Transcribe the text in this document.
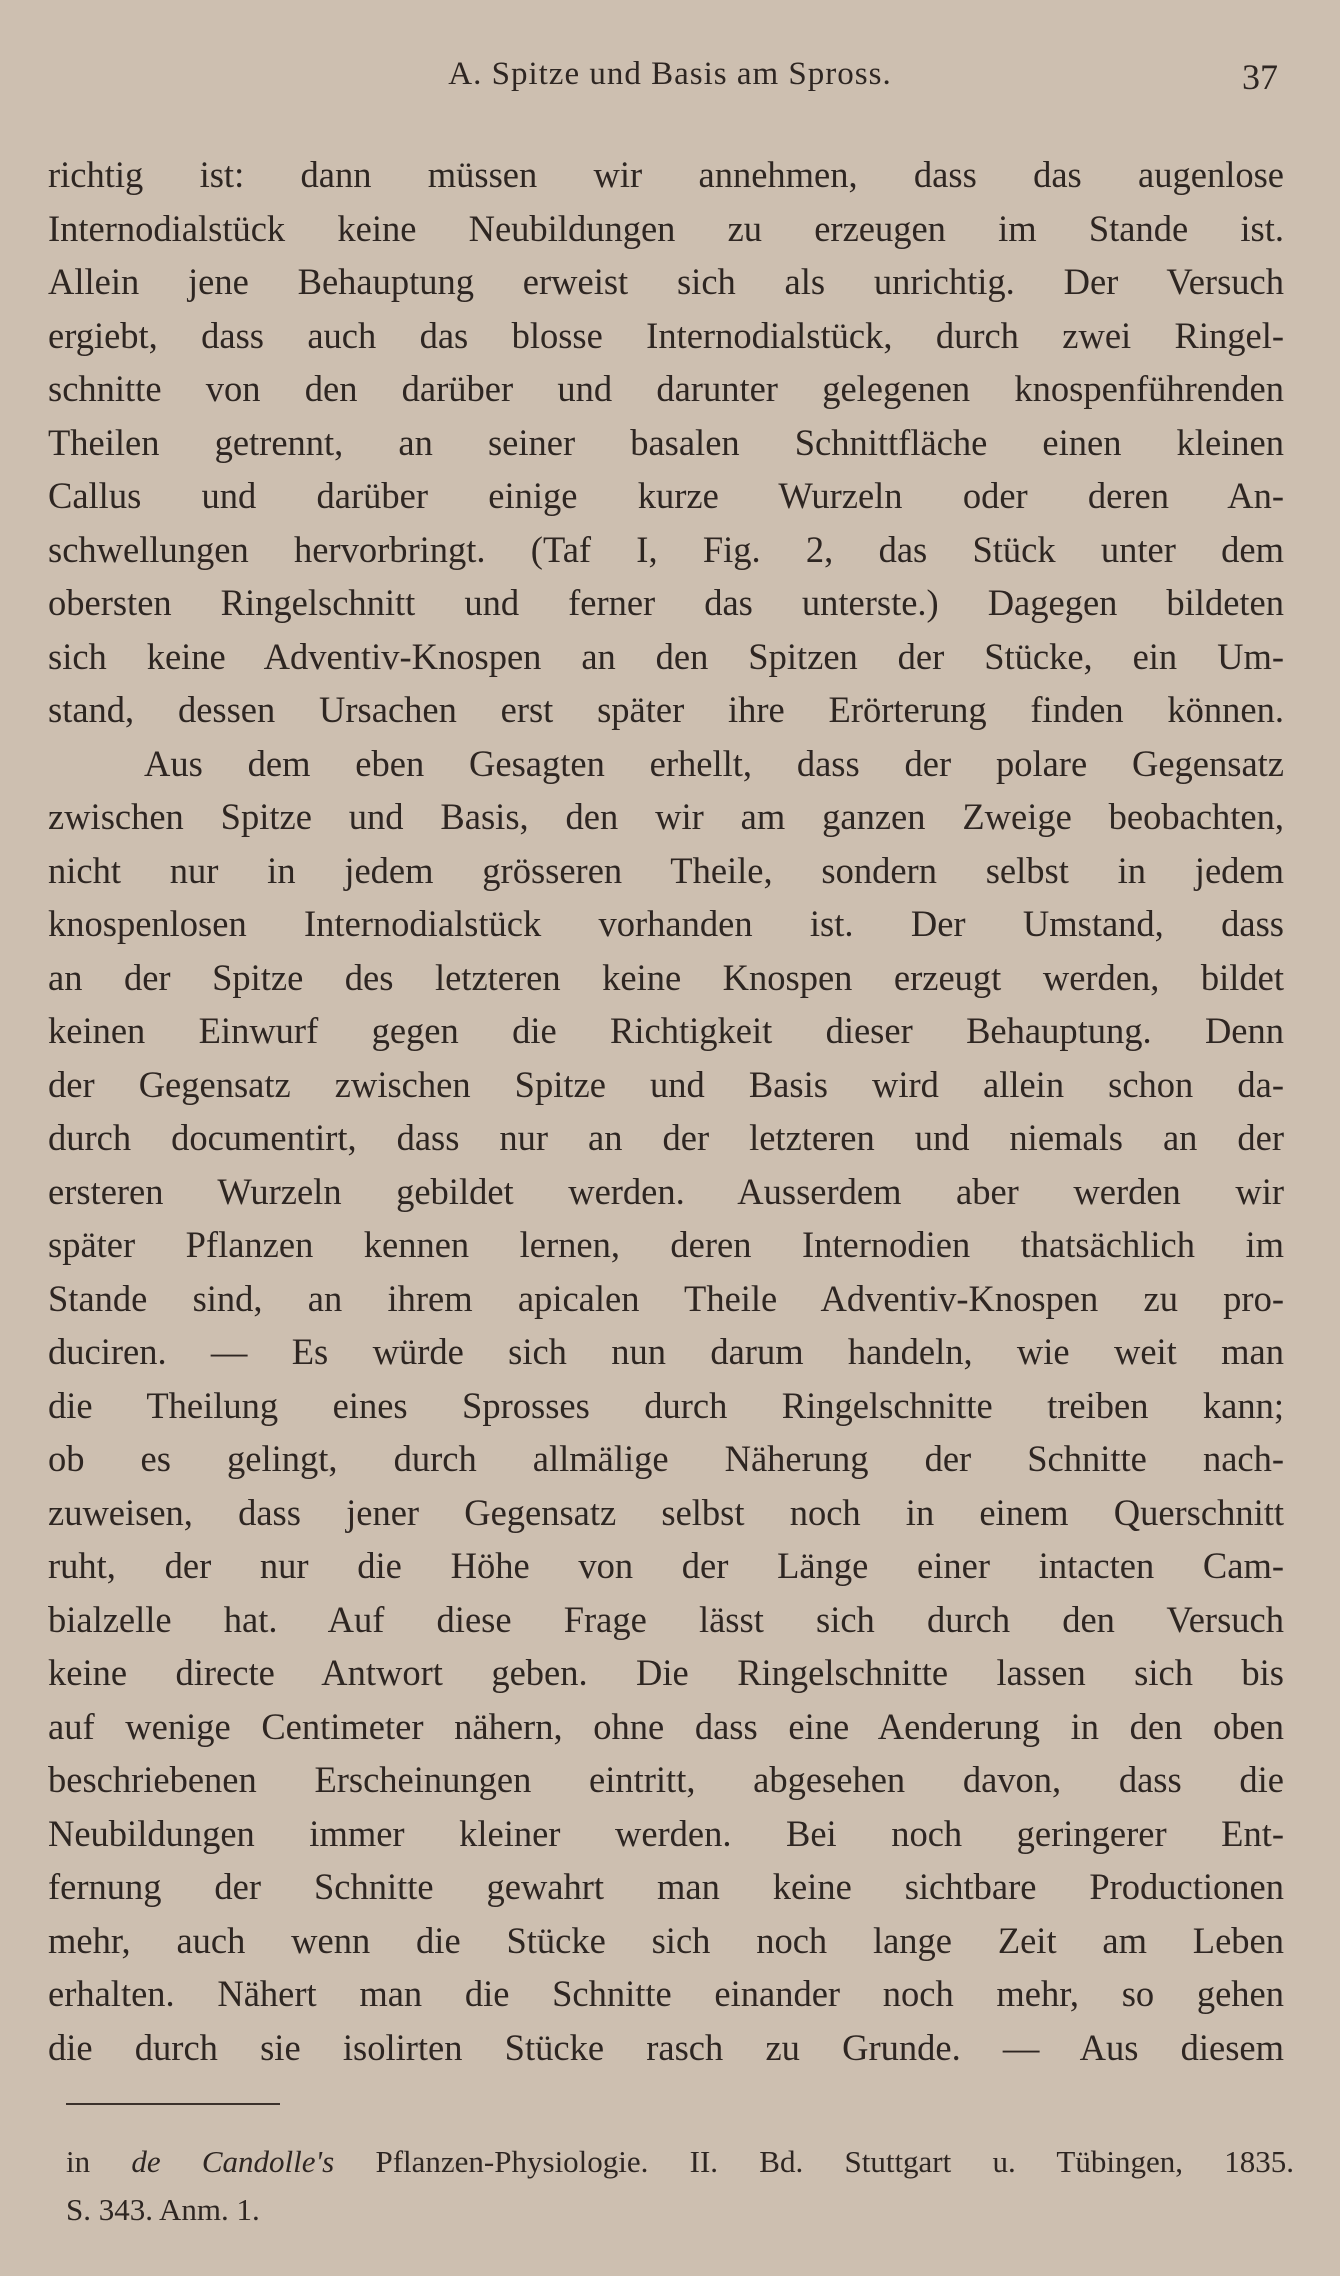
A. Spitze und Basis am Spross.	37
richtig ist: dann müssen wir annehmen, dass das augenlose
Internodialstück keine Neubildungen zu erzeugen im Stande ist.
Allein jene Behauptung erweist sich als unrichtig. Der Versuch
ergiebt, dass auch das blosse Internodialstück, durch zwei Ringel-
schnitte von den darüber und darunter gelegenen knospenführenden
Theilen getrennt, an seiner basalen Schnittfläche einen kleinen
Callus und darüber einige kurze Wurzeln oder deren An-
schwellungen hervorbringt. (Taf I, Fig. 2, das Stück unter dem
obersten Ringelschnitt und ferner das unterste.) Dagegen bildeten
sich keine Adventiv-Knospen an den Spitzen der Stücke, ein Um-
stand, dessen Ursachen erst später ihre Erörterung finden können.
Aus dem eben Gesagten erhellt, dass der polare Gegensatz
zwischen Spitze und Basis, den wir am ganzen Zweige beobachten,
nicht nur in jedem grösseren Theile, sondern selbst in jedem
knospenlosen Internodialstück vorhanden ist. Der Umstand, dass
an der Spitze des letzteren keine Knospen erzeugt werden, bildet
keinen Einwurf gegen die Richtigkeit dieser Behauptung. Denn
der Gegensatz zwischen Spitze und Basis wird allein schon da-
durch documentirt, dass nur an der letzteren und niemals an der
ersteren Wurzeln gebildet werden. Ausserdem aber werden wir
später Pflanzen kennen lernen, deren Internodien thatsächlich im
Stande sind, an ihrem apicalen Theile Adventiv-Knospen zu pro-
duciren. — Es würde sich nun darum handeln, wie weit man
die Theilung eines Sprosses durch Ringelschnitte treiben kann;
ob es gelingt, durch allmälige Näherung der Schnitte nach-
zuweisen, dass jener Gegensatz selbst noch in einem Querschnitt
ruht, der nur die Höhe von der Länge einer intacten Cam-
bialzelle hat. Auf diese Frage lässt sich durch den Versuch
keine directe Antwort geben. Die Ringelschnitte lassen sich bis
auf wenige Centimeter nähern, ohne dass eine Aenderung in den oben
beschriebenen Erscheinungen eintritt, abgesehen davon, dass die
Neubildungen immer kleiner werden. Bei noch geringerer Ent-
fernung der Schnitte gewahrt man keine sichtbare Productionen
mehr, auch wenn die Stücke sich noch lange Zeit am Leben
erhalten. Nähert man die Schnitte einander noch mehr, so gehen
die durch sie isolirten Stücke rasch zu Grunde. — Aus diesem
in de Candolle's Pflanzen-Physiologie. II. Bd. Stuttgart u. Tübingen, 1835.
S. 343. Anm. 1.
